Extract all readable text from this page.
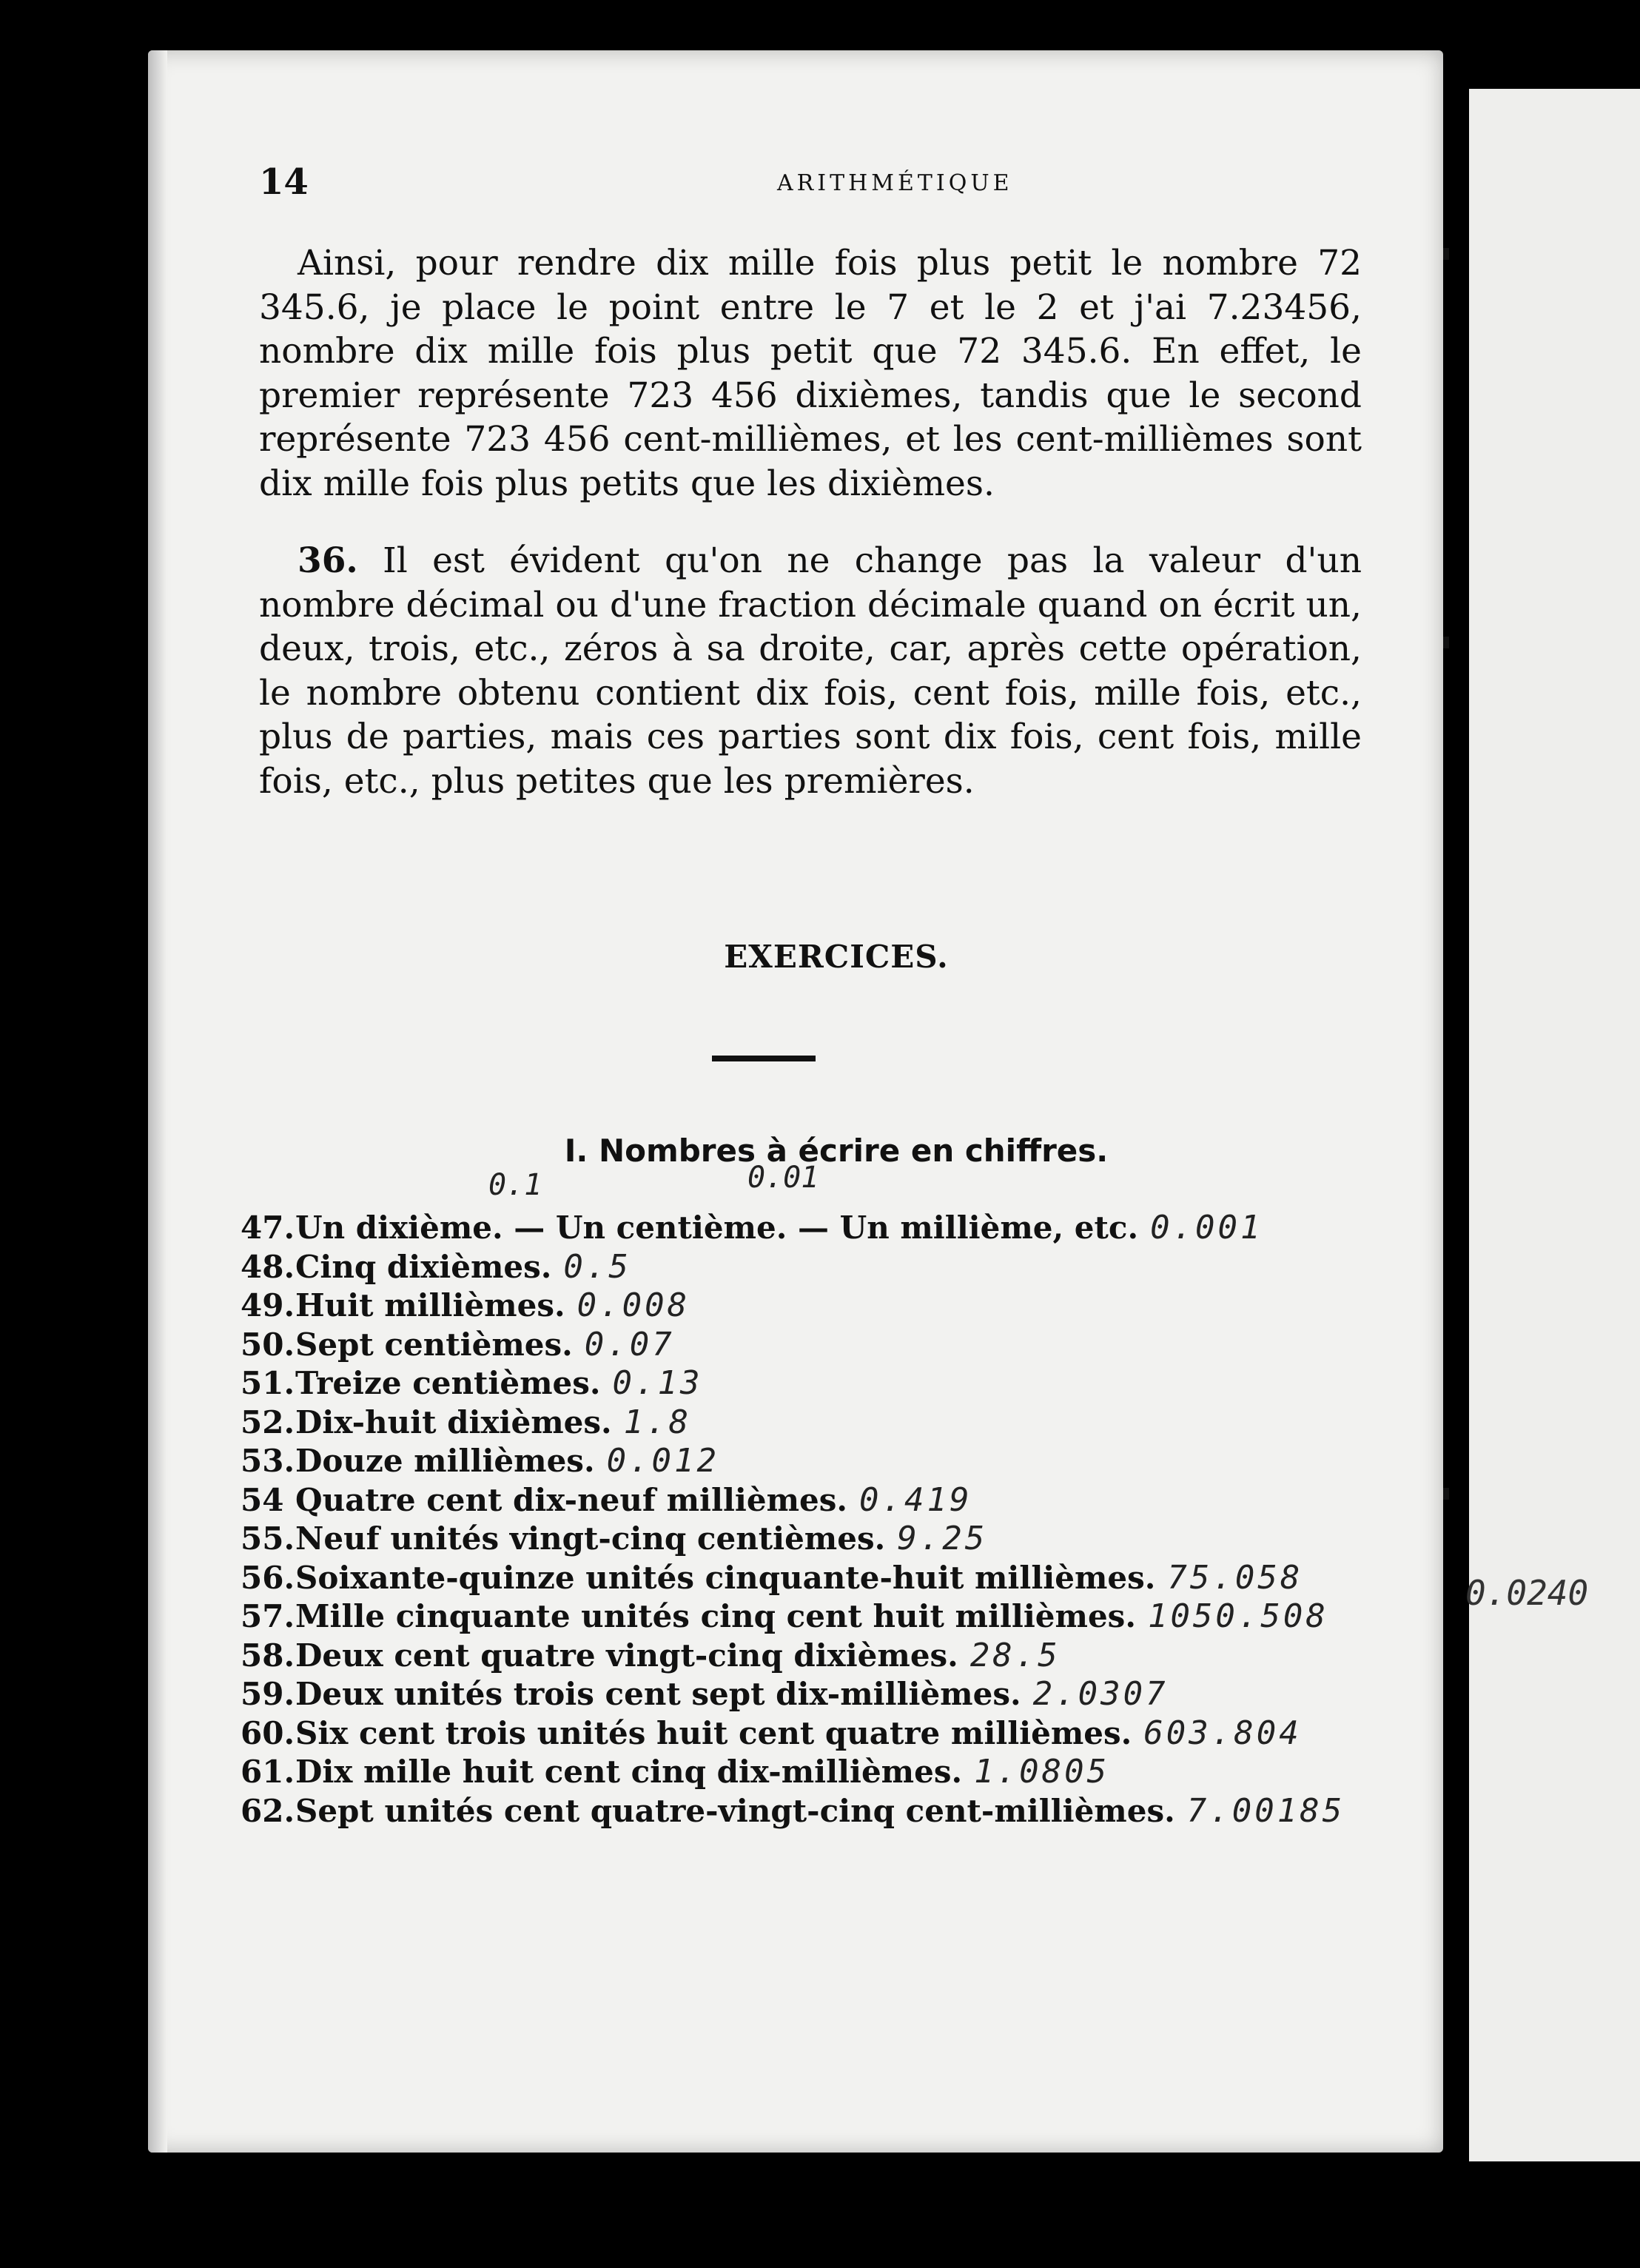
0.0240
14	ARITHMÉTIQUE

Ainsi, pour rendre dix mille fois plus petit le nombre 72 345.6, je place le point entre le 7 et le 2 et j'ai 7.23456, nombre dix mille fois plus petit que 72 345.6. En effet, le premier représente 723 456 dixièmes, tandis que le second représente 723 456 cent-millièmes, et les cent-millièmes sont dix mille fois plus petits que les dixièmes.

36. Il est évident qu'on ne change pas la valeur d'un nombre décimal ou d'une fraction décimale quand on écrit un, deux, trois, etc., zéros à sa droite, car, après cette opération, le nombre obtenu contient dix fois, cent fois, mille fois, etc., plus de parties, mais ces parties sont dix fois, cent fois, mille fois, etc., plus petites que les premières.

EXERCICES.
I. Nombres à écrire en chiffres.
0.1	0.01
47.Un dixième. — Un centième. — Un millième, etc. 0.001
48.Cinq dixièmes. 0.5
49.Huit millièmes. 0.008
50.Sept centièmes. 0.07
51.Treize centièmes. 0.13
52.Dix-huit dixièmes. 1.8
53.Douze millièmes. 0.012
54 Quatre cent dix-neuf millièmes. 0.419
55.Neuf unités vingt-cinq centièmes. 9.25
56.Soixante-quinze unités cinquante-huit millièmes. 75.058
57.Mille cinquante unités cinq cent huit millièmes. 1050.508
58.Deux cent quatre vingt-cinq dixièmes. 28.5
59.Deux unités trois cent sept dix-millièmes. 2.0307
60.Six cent trois unités huit cent quatre millièmes. 603.804
61.Dix mille huit cent cinq dix-millièmes. 1.0805
62.Sept unités cent quatre-vingt-cinq cent-millièmes. 7.00185
